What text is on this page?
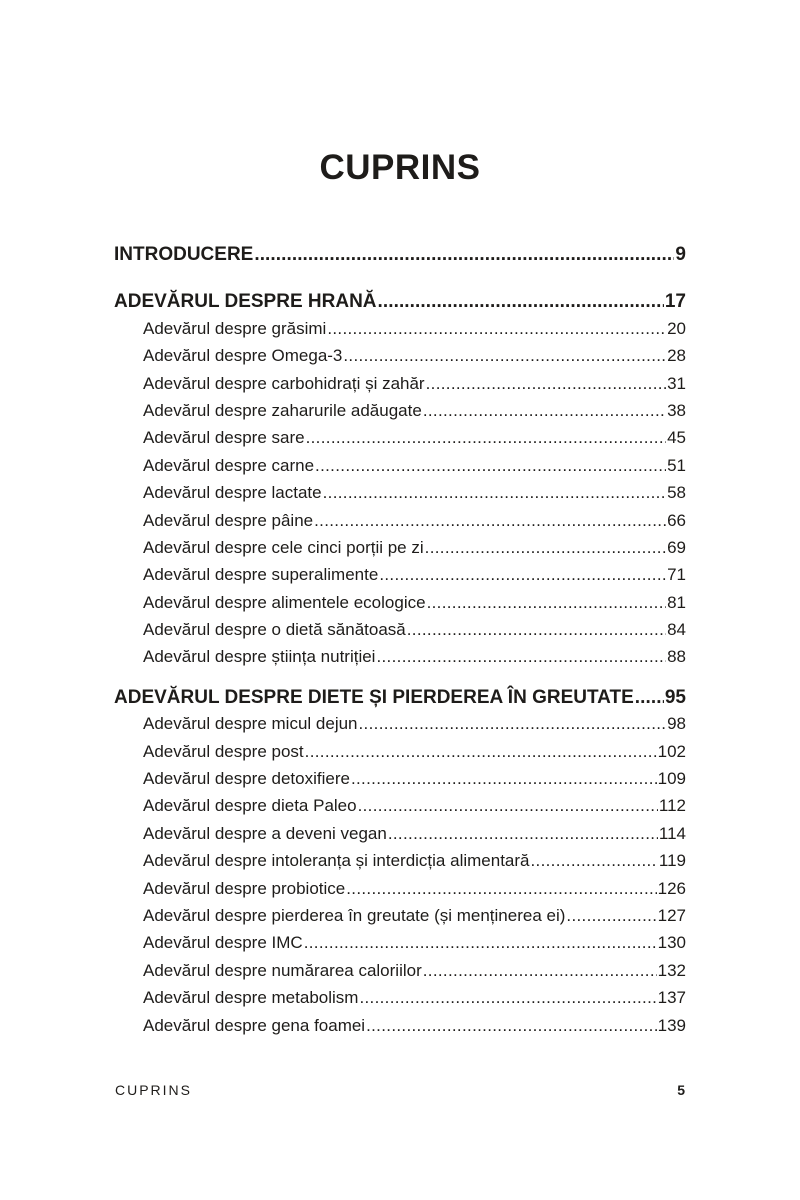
CUPRINS
INTRODUCERE . . .	9
ADEVĂRUL DESPRE HRANĂ . . .	17
Adevărul despre grăsimi . . .	20
Adevărul despre Omega-3 . . .	28
Adevărul despre carbohidrați și zahăr . . .	31
Adevărul despre zaharurile adăugate . . .	38
Adevărul despre sare . . .	45
Adevărul despre carne . . .	51
Adevărul despre lactate . . .	58
Adevărul despre pâine . . .	66
Adevărul despre cele cinci porții pe zi . . .	69
Adevărul despre superalimente . . .	71
Adevărul despre alimentele ecologice . . .	81
Adevărul despre o dietă sănătoasă . . .	84
Adevărul despre știința nutriției . . .	88
ADEVĂRUL DESPRE DIETE ȘI PIERDEREA ÎN GREUTATE . . . 95
Adevărul despre micul dejun . . .	98
Adevărul despre post . . .	102
Adevărul despre detoxifiere . . .	109
Adevărul despre dieta Paleo . . .	112
Adevărul despre a deveni vegan . . .	114
Adevărul despre intoleranța și interdicția alimentară . . .	119
Adevărul despre probiotice . . .	126
Adevărul despre pierderea în greutate (și menținerea ei) . . .	127
Adevărul despre IMC . . .	130
Adevărul despre numărarea caloriilor . . .	132
Adevărul despre metabolism . . .	137
Adevărul despre gena foamei . . .	139
CUPRINS	5
